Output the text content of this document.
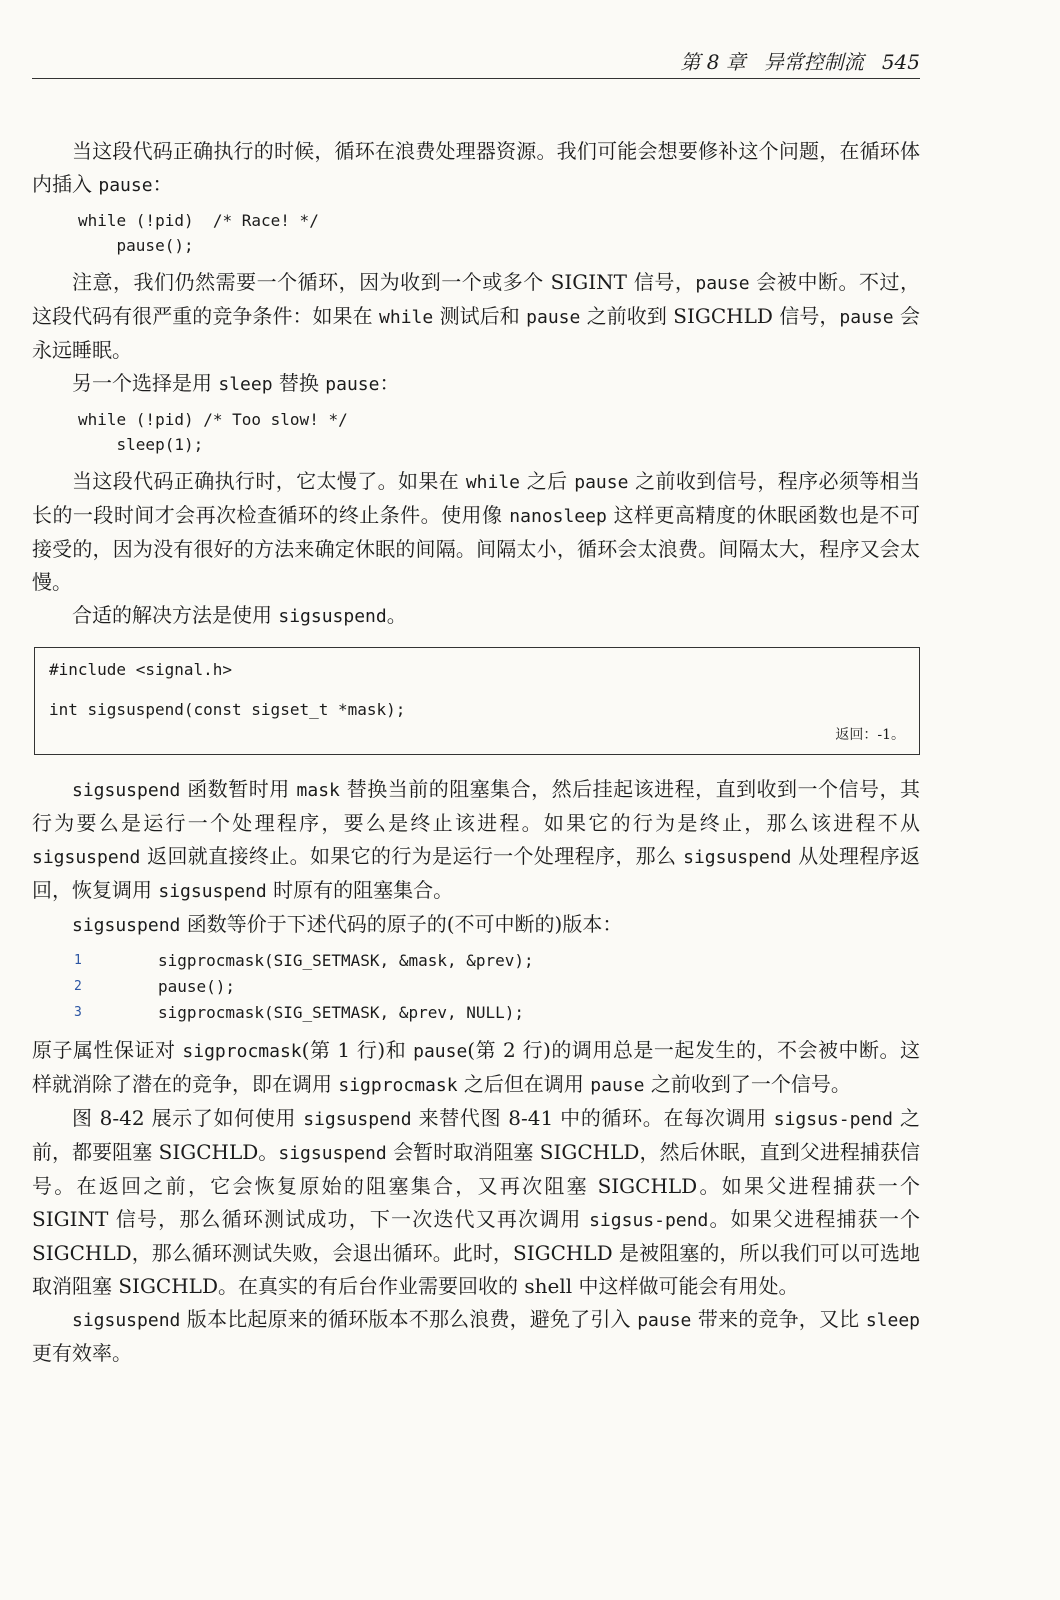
第 8 章 异常控制流 545

当这段代码正确执行的时候，循环在浪费处理器资源。我们可能会想要修补这个问题，在循环体内插入 pause：

while (!pid)  /* Race! */
pause();

注意，我们仍然需要一个循环，因为收到一个或多个 SIGINT 信号，pause 会被中断。不过，这段代码有很严重的竞争条件：如果在 while 测试后和 pause 之前收到 SIGCHLD 信号，pause 会永远睡眠。

另一个选择是用 sleep 替换 pause：

while (!pid) /* Too slow! */
sleep(1);

当这段代码正确执行时，它太慢了。如果在 while 之后 pause 之前收到信号，程序必须等相当长的一段时间才会再次检查循环的终止条件。使用像 nanosleep 这样更高精度的休眠函数也是不可接受的，因为没有很好的方法来确定休眠的间隔。间隔太小，循环会太浪费。间隔太大，程序又会太慢。

合适的解决方法是使用 sigsuspend。

#include <signal.h>
int sigsuspend(const sigset_t *mask);
返回：-1。

sigsuspend 函数暂时用 mask 替换当前的阻塞集合，然后挂起该进程，直到收到一个信号，其行为要么是运行一个处理程序，要么是终止该进程。如果它的行为是终止，那么该进程不从 sigsuspend 返回就直接终止。如果它的行为是运行一个处理程序，那么 sigsuspend 从处理程序返回，恢复调用 sigsuspend 时原有的阻塞集合。

sigsuspend 函数等价于下述代码的原子的(不可中断的)版本：

1	sigprocmask(SIG_SETMASK, &mask, &prev);
2	pause();
3	sigprocmask(SIG_SETMASK, &prev, NULL);

原子属性保证对 sigprocmask(第 1 行)和 pause(第 2 行)的调用总是一起发生的，不会被中断。这样就消除了潜在的竞争，即在调用 sigprocmask 之后但在调用 pause 之前收到了一个信号。

图 8-42 展示了如何使用 sigsuspend 来替代图 8-41 中的循环。在每次调用 sigsus-pend 之前，都要阻塞 SIGCHLD。sigsuspend 会暂时取消阻塞 SIGCHLD，然后休眠，直到父进程捕获信号。在返回之前，它会恢复原始的阻塞集合，又再次阻塞 SIGCHLD。如果父进程捕获一个 SIGINT 信号，那么循环测试成功，下一次迭代又再次调用 sigsus-pend。如果父进程捕获一个 SIGCHLD，那么循环测试失败，会退出循环。此时，SIGCHLD 是被阻塞的，所以我们可以可选地取消阻塞 SIGCHLD。在真实的有后台作业需要回收的 shell 中这样做可能会有用处。

sigsuspend 版本比起原来的循环版本不那么浪费，避免了引入 pause 带来的竞争，又比 sleep 更有效率。
